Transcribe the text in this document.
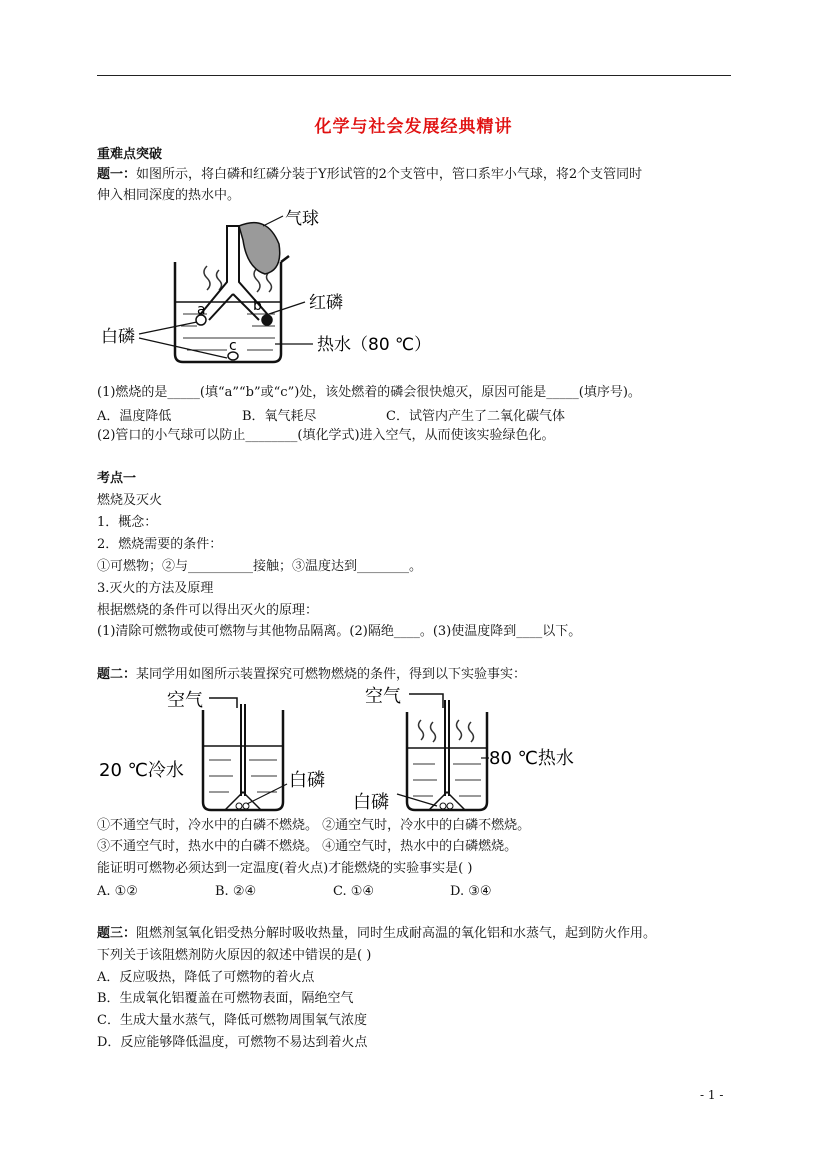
化学与社会发展经典精讲
重难点突破
题一：如图所示，将白磷和红磷分装于Y形试管的2个支管中，管口系牢小气球，将2个支管同时
伸入相同深度的热水中。
气球
红磷
a	b
c
白磷	热水（80 ℃）
(1)燃烧的是_____(填“a”“b”或“c”)处，该处燃着的磷会很快熄灭，原因可能是_____(填序号)。
A．温度降低	B．氧气耗尽	C．试管内产生了二氧化碳气体
(2)管口的小气球可以防止________(填化学式)进入空气，从而使该实验绿色化。
考点一
燃烧及灭火
1．概念：
2．燃烧需要的条件：
①可燃物；②与__________接触；③温度达到________。
3.灭火的方法及原理
根据燃烧的条件可以得出灭火的原理：
(1)清除可燃物或使可燃物与其他物品隔离。(2)隔绝____。(3)使温度降到____以下。
题二：某同学用如图所示装置探究可燃物燃烧的条件，得到以下实验事实：
空气
20 ℃冷水	白磷
空气
80 ℃热水
白磷
①不通空气时，冷水中的白磷不燃烧。 ②通空气时，冷水中的白磷不燃烧。
③不通空气时，热水中的白磷不燃烧。 ④通空气时，热水中的白磷燃烧。
能证明可燃物必须达到一定温度(着火点)才能燃烧的实验事实是( )
A. ①②	B. ②④	C. ①④	D. ③④
题三：阻燃剂氢氧化铝受热分解时吸收热量，同时生成耐高温的氧化铝和水蒸气，起到防火作用。
下列关于该阻燃剂防火原因的叙述中错误的是( )
A．反应吸热，降低了可燃物的着火点
B．生成氧化铝覆盖在可燃物表面，隔绝空气
C．生成大量水蒸气，降低可燃物周围氧气浓度
D．反应能够降低温度，可燃物不易达到着火点
- 1 -
